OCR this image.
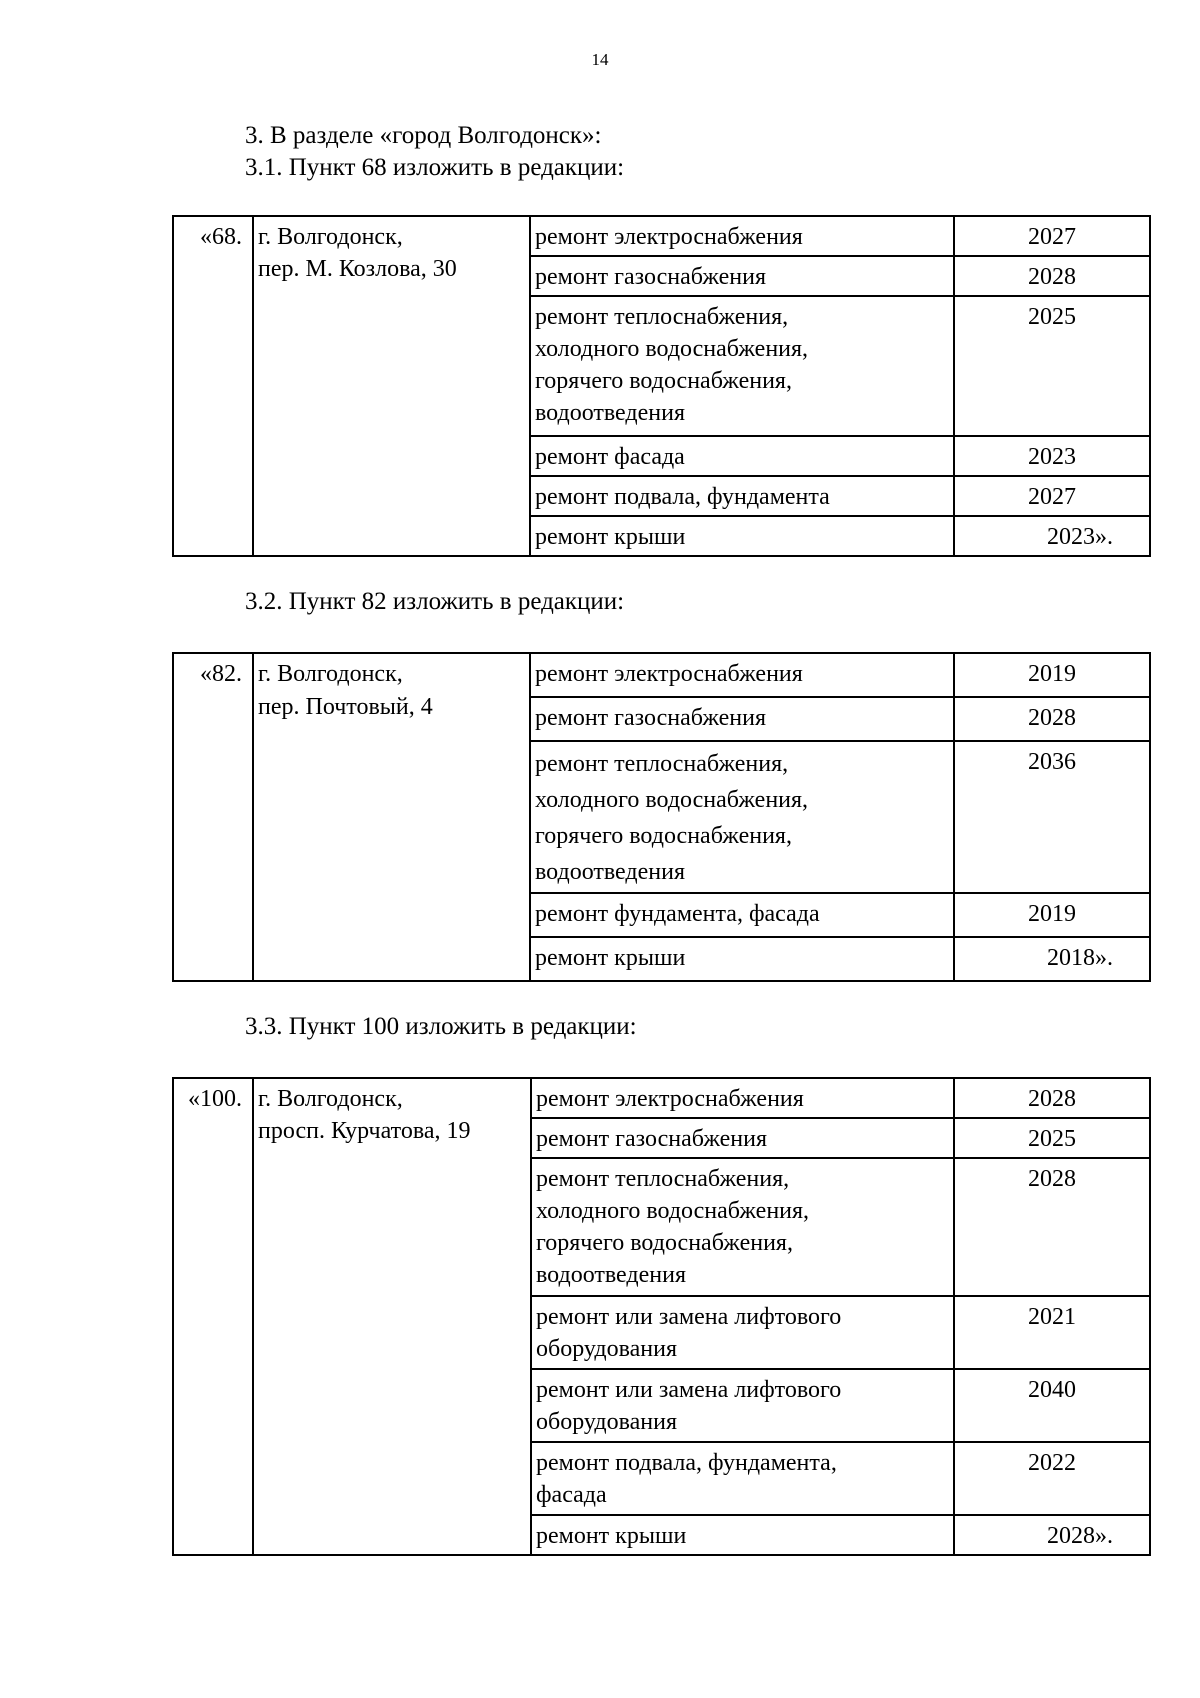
14

3. В разделе «город Волгодонск»:

3.1. Пункт 68 изложить в редакции:

«68.	г. Волгодонск,
пер. М. Козлова, 30	ремонт электроснабжения	2027

		ремонт газоснабжения	2028

		ремонт теплоснабжения,
холодного водоснабжения,
горячего водоснабжения,
водоотведения	2025

		ремонт фасада	2023

		ремонт подвала, фундамента	2027

		ремонт крыши	2023».

3.2. Пункт 82 изложить в редакции:

«82.	г. Волгодонск,
пер. Почтовый, 4	ремонт электроснабжения	2019

		ремонт газоснабжения	2028

		ремонт теплоснабжения,
холодного водоснабжения,
горячего водоснабжения,
водоотведения	2036

		ремонт фундамента, фасада	2019

		ремонт крыши	2018».

3.3. Пункт 100 изложить в редакции:

«100.	г. Волгодонск,
просп. Курчатова, 19	ремонт электроснабжения	2028

		ремонт газоснабжения	2025

		ремонт теплоснабжения,
холодного водоснабжения,
горячего водоснабжения,
водоотведения	2028

		ремонт или замена лифтового
оборудования	2021

		ремонт или замена лифтового
оборудования	2040

		ремонт подвала, фундамента,
фасада	2022

		ремонт крыши	2028».
